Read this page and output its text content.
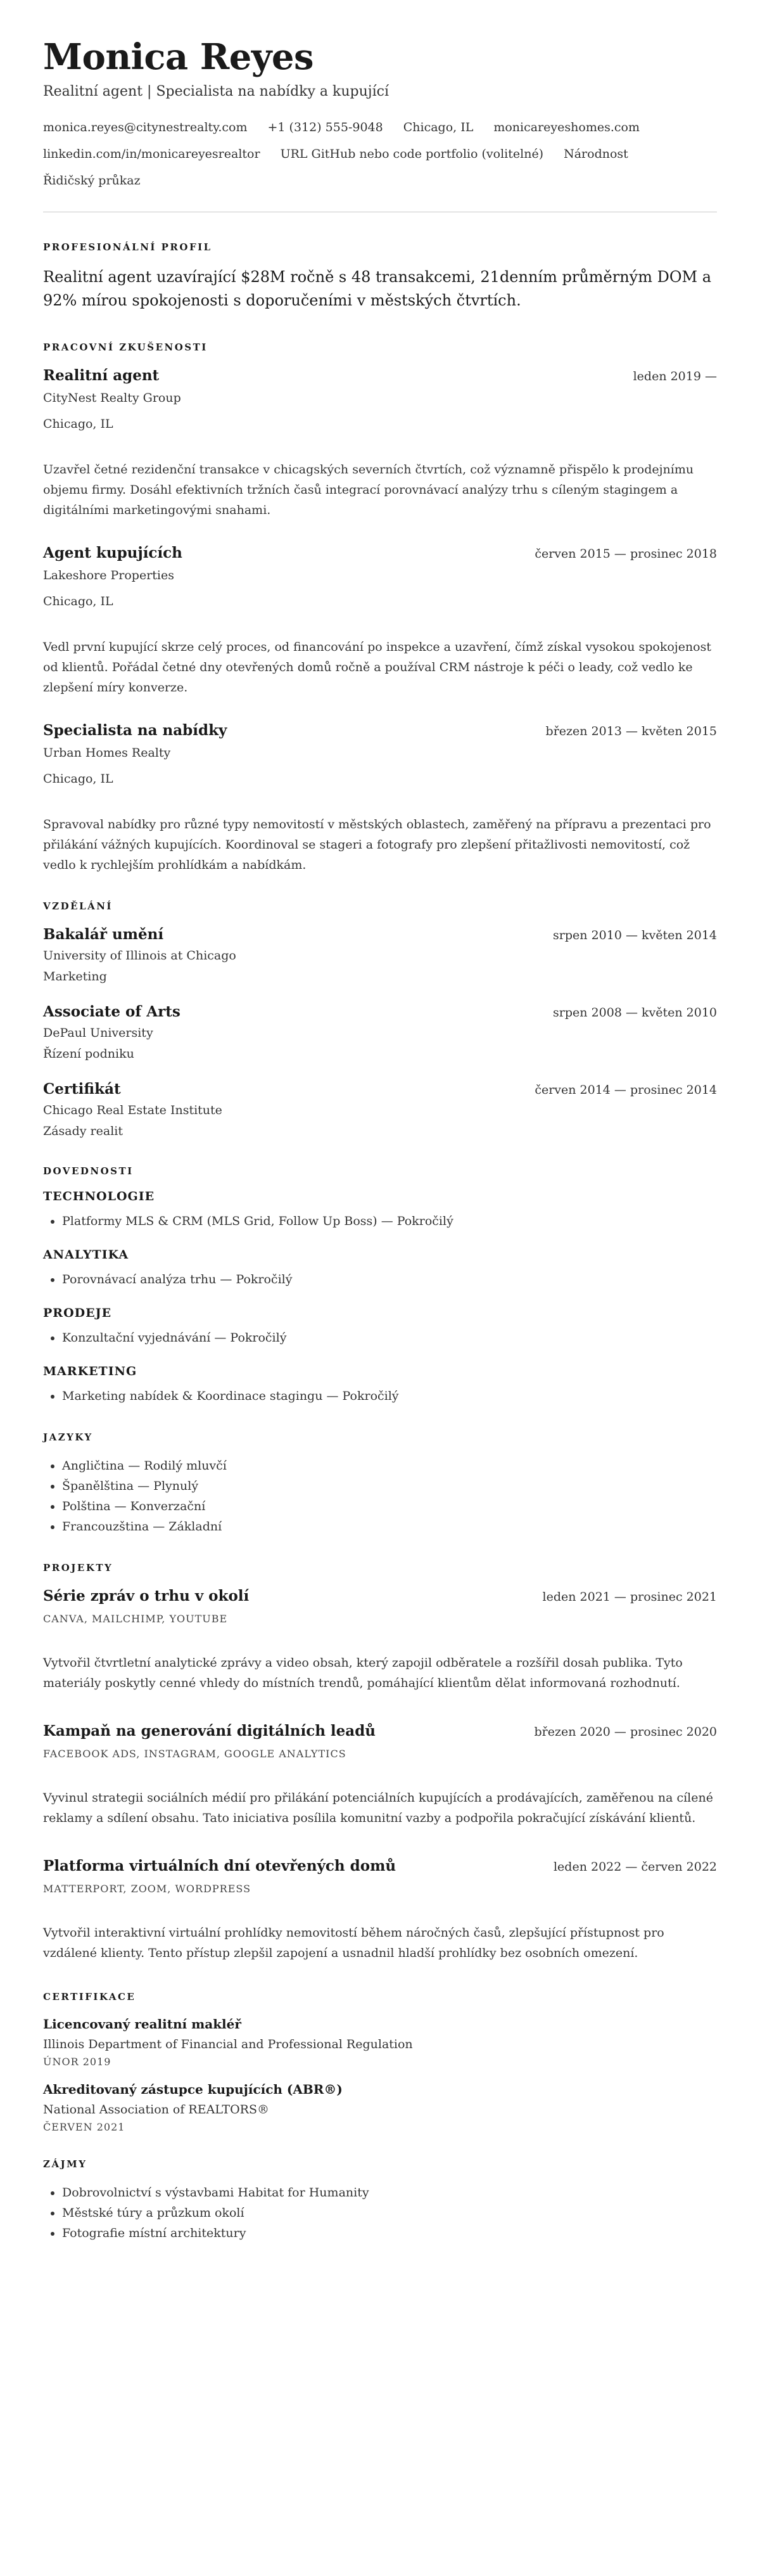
Monica Reyes
Realitní agent | Specialista na nabídky a kupující
monica.reyes@citynestrealty.com +1 (312) 555-9048 Chicago, IL monicareyeshomes.com
linkedin.com/in/monicareyesrealtor URL GitHub nebo code portfolio (volitelné) Národnost
Řidičský průkaz
PROFESIONÁLNÍ PROFIL

Realitní agent uzavírající $28M ročně s 48 transakcemi, 21denním průměrným DOM a 92% mírou spokojenosti s doporučeními v městských čtvrtích.

PRACOVNÍ ZKUŠENOSTI
Realitní agent	leden 2019 —
CityNest Realty Group
Chicago, IL
Uzavřel četné rezidenční transakce v chicagských severních čtvrtích, což významně přispělo k prodejnímu objemu firmy. Dosáhl efektivních tržních časů integrací porovnávací analýzy trhu s cíleným stagingem a digitálními marketingovými snahami.
Agent kupujících	červen 2015 — prosinec 2018
Lakeshore Properties
Chicago, IL
Vedl první kupující skrze celý proces, od financování po inspekce a uzavření, čímž získal vysokou spokojenost od klientů. Pořádal četné dny otevřených domů ročně a používal CRM nástroje k péči o leady, což vedlo ke zlepšení míry konverze.
Specialista na nabídky	březen 2013 — květen 2015
Urban Homes Realty
Chicago, IL
Spravoval nabídky pro různé typy nemovitostí v městských oblastech, zaměřený na přípravu a prezentaci pro přilákání vážných kupujících. Koordinoval se stageri a fotografy pro zlepšení přitažlivosti nemovitostí, což vedlo k rychlejším prohlídkám a nabídkám.
VZDĚLÁNÍ
Bakalář umění	srpen 2010 — květen 2014
University of Illinois at Chicago
Marketing
Associate of Arts	srpen 2008 — květen 2010
DePaul University
Řízení podniku
Certifikát	červen 2014 — prosinec 2014
Chicago Real Estate Institute
Zásady realit
DOVEDNOSTI
TECHNOLOGIE
• Platformy MLS & CRM (MLS Grid, Follow Up Boss) — Pokročilý
ANALYTIKA
• Porovnávací analýza trhu — Pokročilý
PRODEJE
• Konzultační vyjednávání — Pokročilý
MARKETING
• Marketing nabídek & Koordinace stagingu — Pokročilý
JAZYKY
• Angličtina — Rodilý mluvčí
• Španělština — Plynulý
• Polština — Konverzační
• Francouzština — Základní
PROJEKTY
Série zpráv o trhu v okolí	leden 2021 — prosinec 2021
CANVA, MAILCHIMP, YOUTUBE
Vytvořil čtvrtletní analytické zprávy a video obsah, který zapojil odběratele a rozšířil dosah publika. Tyto materiály poskytly cenné vhledy do místních trendů, pomáhající klientům dělat informovaná rozhodnutí.
Kampaň na generování digitálních leadů	březen 2020 — prosinec 2020
FACEBOOK ADS, INSTAGRAM, GOOGLE ANALYTICS
Vyvinul strategii sociálních médií pro přilákání potenciálních kupujících a prodávajících, zaměřenou na cílené reklamy a sdílení obsahu. Tato iniciativa posílila komunitní vazby a podpořila pokračující získávání klientů.
Platforma virtuálních dní otevřených domů	leden 2022 — červen 2022
MATTERPORT, ZOOM, WORDPRESS
Vytvořil interaktivní virtuální prohlídky nemovitostí během náročných časů, zlepšující přístupnost pro vzdálené klienty. Tento přístup zlepšil zapojení a usnadnil hladší prohlídky bez osobních omezení.
CERTIFIKACE
Licencovaný realitní makléř
Illinois Department of Financial and Professional Regulation
ÚNOR 2019
Akreditovaný zástupce kupujících (ABR®)
National Association of REALTORS®
ČERVEN 2021
ZÁJMY
• Dobrovolnictví s výstavbami Habitat for Humanity
• Městské túry a průzkum okolí
• Fotografie místní architektury
